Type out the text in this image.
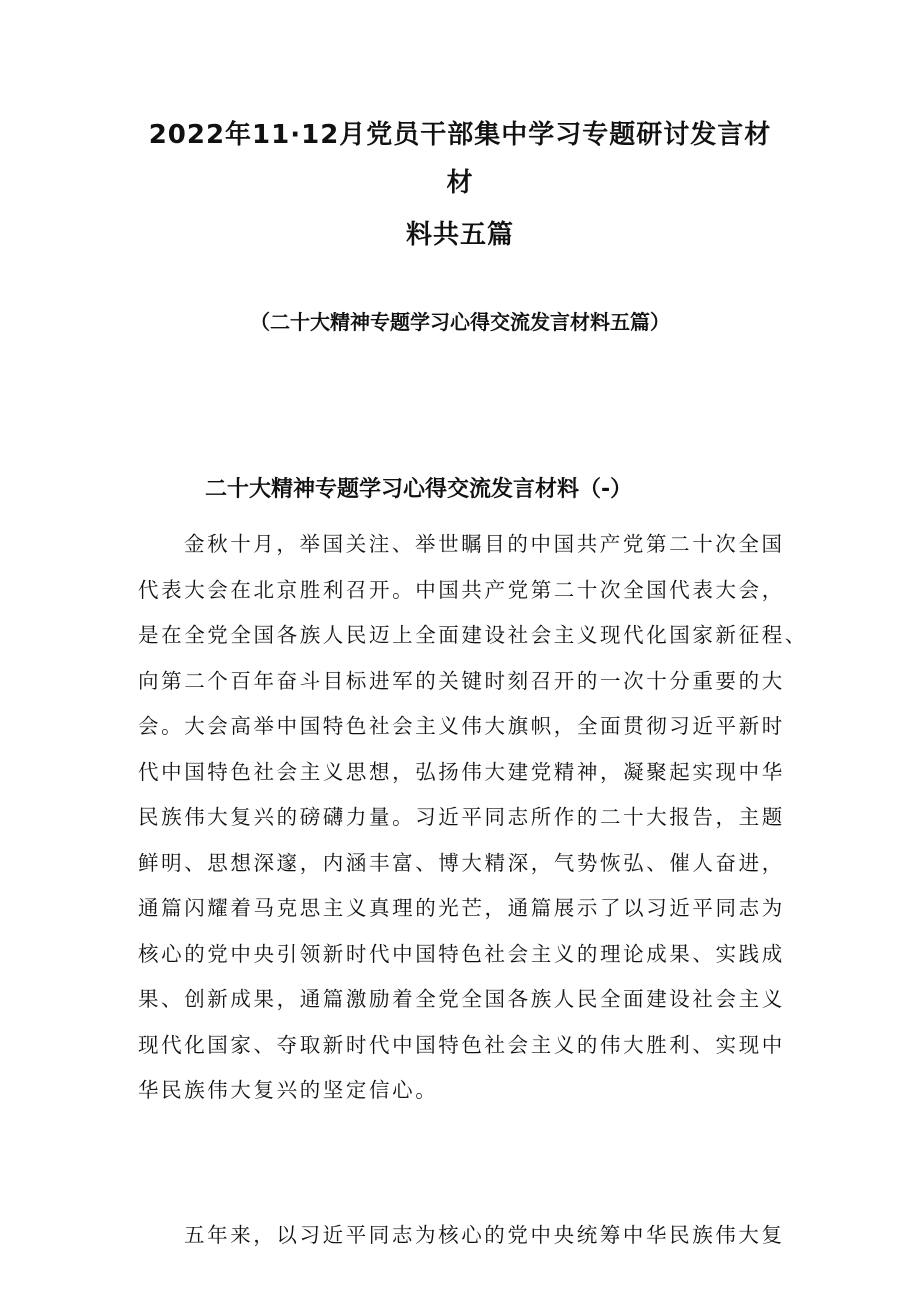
2022年11·12月党员干部集中学习专题研讨发言材
材
料共五篇
（二十大精神专题学习心得交流发言材料五篇）
二十大精神专题学习心得交流发言材料（-）

金秋十月，举国关注、举世瞩目的中国共产党第二十次全国
代表大会在北京胜利召开。中国共产党第二十次全国代表大会，
是在全党全国各族人民迈上全面建设社会主义现代化国家新征程、
向第二个百年奋斗目标进军的关键时刻召开的一次十分重要的大
会。大会高举中国特色社会主义伟大旗帜，全面贯彻习近平新时
代中国特色社会主义思想，弘扬伟大建党精神，凝聚起实现中华
民族伟大复兴的磅礴力量。习近平同志所作的二十大报告，主题
鲜明、思想深邃，内涵丰富、博大精深，气势恢弘、催人奋进，
通篇闪耀着马克思主义真理的光芒，通篇展示了以习近平同志为
核心的党中央引领新时代中国特色社会主义的理论成果、实践成
果、创新成果，通篇激励着全党全国各族人民全面建设社会主义
现代化国家、夺取新时代中国特色社会主义的伟大胜利、实现中
华民族伟大复兴的坚定信心。

五年来，以习近平同志为核心的党中央统筹中华民族伟大复
